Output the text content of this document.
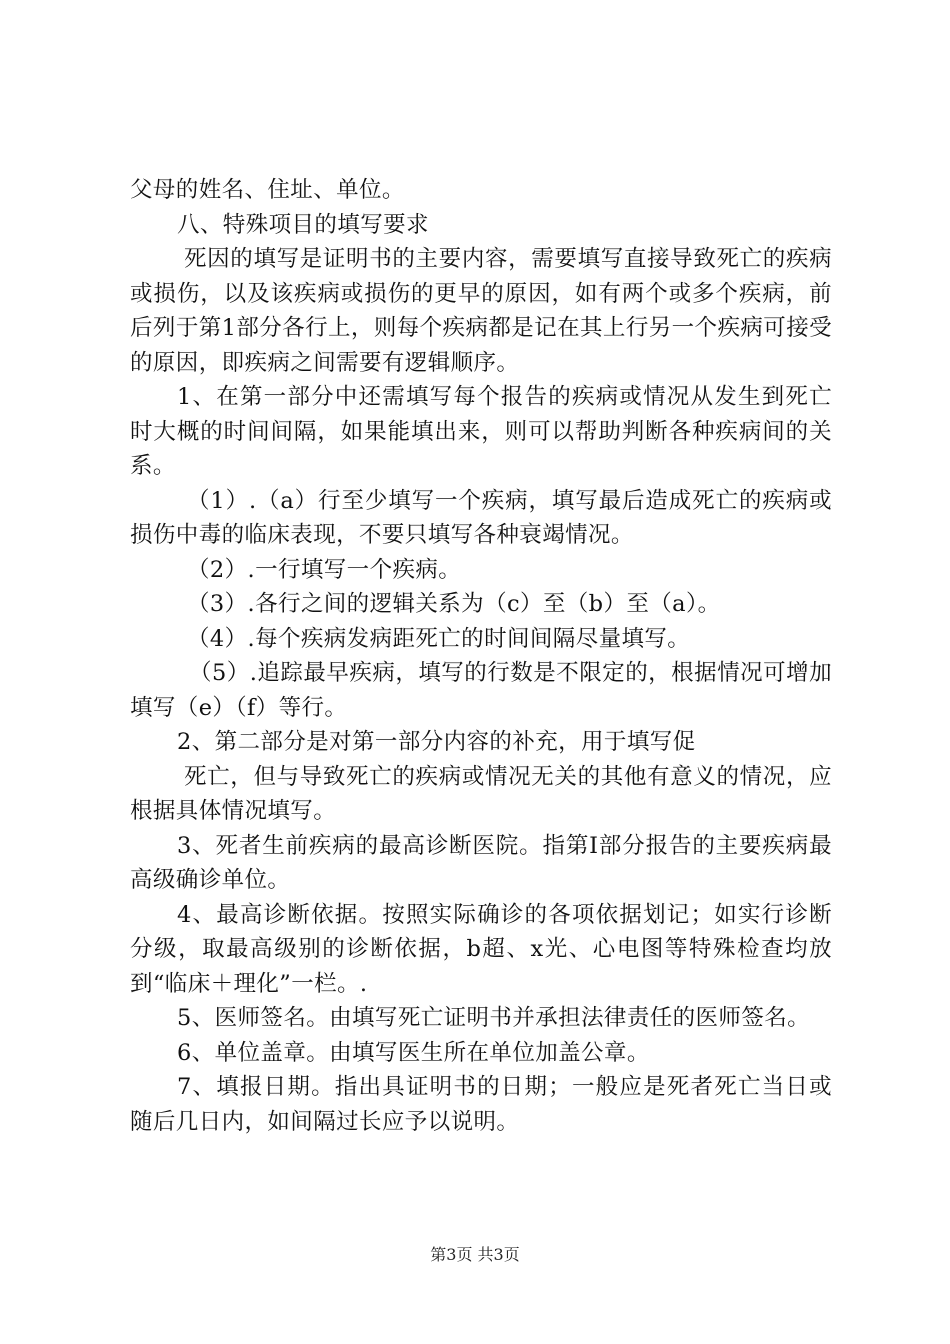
父母的姓名、住址、单位。

八、特殊项目的填写要求

死因的填写是证明书的主要内容，需要填写直接导致死亡的疾病或损伤，以及该疾病或损伤的更早的原因，如有两个或多个疾病，前后列于第1部分各行上，则每个疾病都是记在其上行另一个疾病可接受的原因，即疾病之间需要有逻辑顺序。

1、在第一部分中还需填写每个报告的疾病或情况从发生到死亡时大概的时间间隔，如果能填出来，则可以帮助判断各种疾病间的关系。

（1）.（a）行至少填写一个疾病，填写最后造成死亡的疾病或损伤中毒的临床表现，不要只填写各种衰竭情况。

（2）.一行填写一个疾病。

（3）.各行之间的逻辑关系为（c）至（b）至（a）。

（4）.每个疾病发病距死亡的时间间隔尽量填写。

（5）.追踪最早疾病，填写的行数是不限定的，根据情况可增加填写（e）（f）等行。

2、第二部分是对第一部分内容的补充，用于填写促

死亡，但与导致死亡的疾病或情况无关的其他有意义的情况，应根据具体情况填写。

3、死者生前疾病的最高诊断医院。指第Ⅰ部分报告的主要疾病最高级确诊单位。

4、最高诊断依据。按照实际确诊的各项依据划记；如实行诊断分级，取最高级别的诊断依据，b超、x光、心电图等特殊检查均放到“临床＋理化”一栏。.

5、医师签名。由填写死亡证明书并承担法律责任的医师签名。

6、单位盖章。由填写医生所在单位加盖公章。

7、填报日期。指出具证明书的日期；一般应是死者死亡当日或随后几日内，如间隔过长应予以说明。

第3页 共3页
